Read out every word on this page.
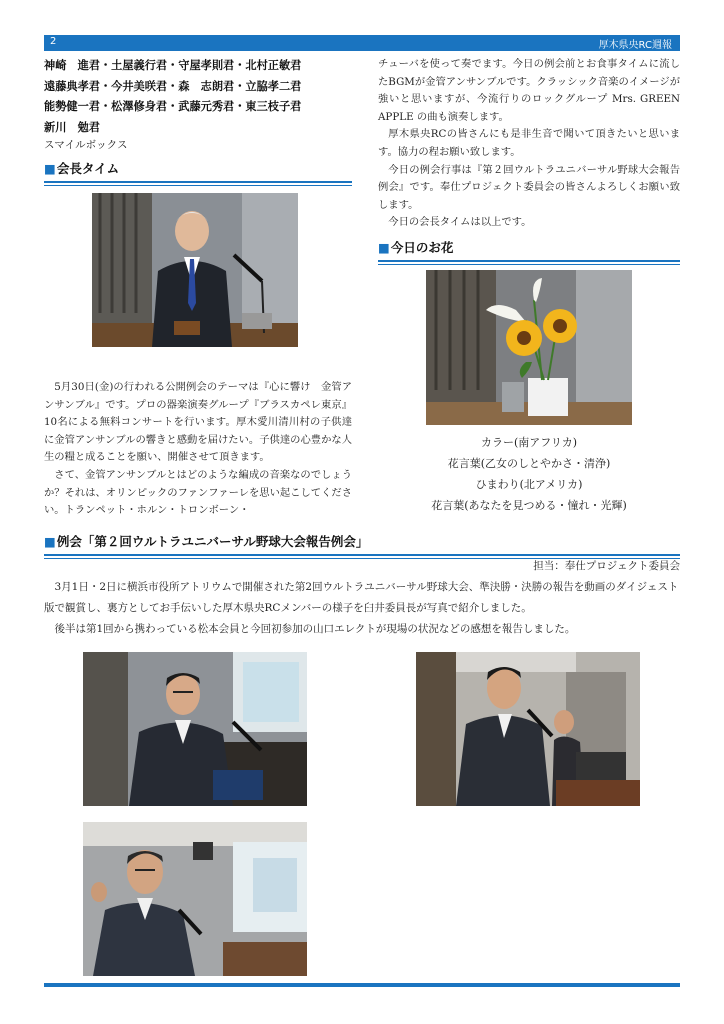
2	厚木県央RC週報
神崎　進君・土屋義行君・守屋孝則君・北村正敏君
遠藤典孝君・今井美咲君・森　志朗君・立脇孝二君
能勢健一君・松澤修身君・武藤元秀君・東三枝子君
新川　勉君
スマイルボックス
■会長タイム

5月30日(金)の行われる公開例会のテーマは『心に響け　金管アンサンブル』です。プロの器楽演奏グループ『ブラスカペレ東京』10名による無料コンサートを行います。厚木愛川清川村の子供達に金管アンサンブルの響きと感動を届けたい。子供達の心豊かな人生の糧と成ることを願い、開催させて頂きます。

さて、金管アンサンブルとはどのような編成の音楽なのでしょうか？それは、オリンピックのファンファーレを思い起こしてください。トランペット・ホルン・トロンボーン・

チューバを使って奏でます。今日の例会前とお食事タイムに流したBGMが金管アンサンブルです。クラッシック音楽のイメージが強いと思いますが、今流行りのロックグループ Mrs. GREEN APPLE の曲も演奏します。

厚木県央RCの皆さんにも是非生音で聞いて頂きたいと思います。協力の程お願い致します。

今日の例会行事は『第２回ウルトラユニバーサル野球大会報告例会』です。奉仕プロジェクト委員会の皆さんよろしくお願い致します。

今日の会長タイムは以上です。

■今日のお花
カラー(南アフリカ)
花言葉(乙女のしとやかさ・清浄)
ひまわり(北アメリカ)
花言葉(あなたを見つめる・憧れ・光輝)
■例会「第２回ウルトラユニバーサル野球大会報告例会」
担当：奉仕プロジェクト委員会

3月1日・2日に横浜市役所アトリウムで開催された第2回ウルトラユニバーサル野球大会、準決勝・決勝の報告を動画のダイジェスト版で観賞し、裏方としてお手伝いした厚木県央RCメンバーの様子を臼井委員長が写真で紹介しました。

後半は第1回から携わっている松本会員と今回初参加の山口エレクトが現場の状況などの感想を報告しました。
